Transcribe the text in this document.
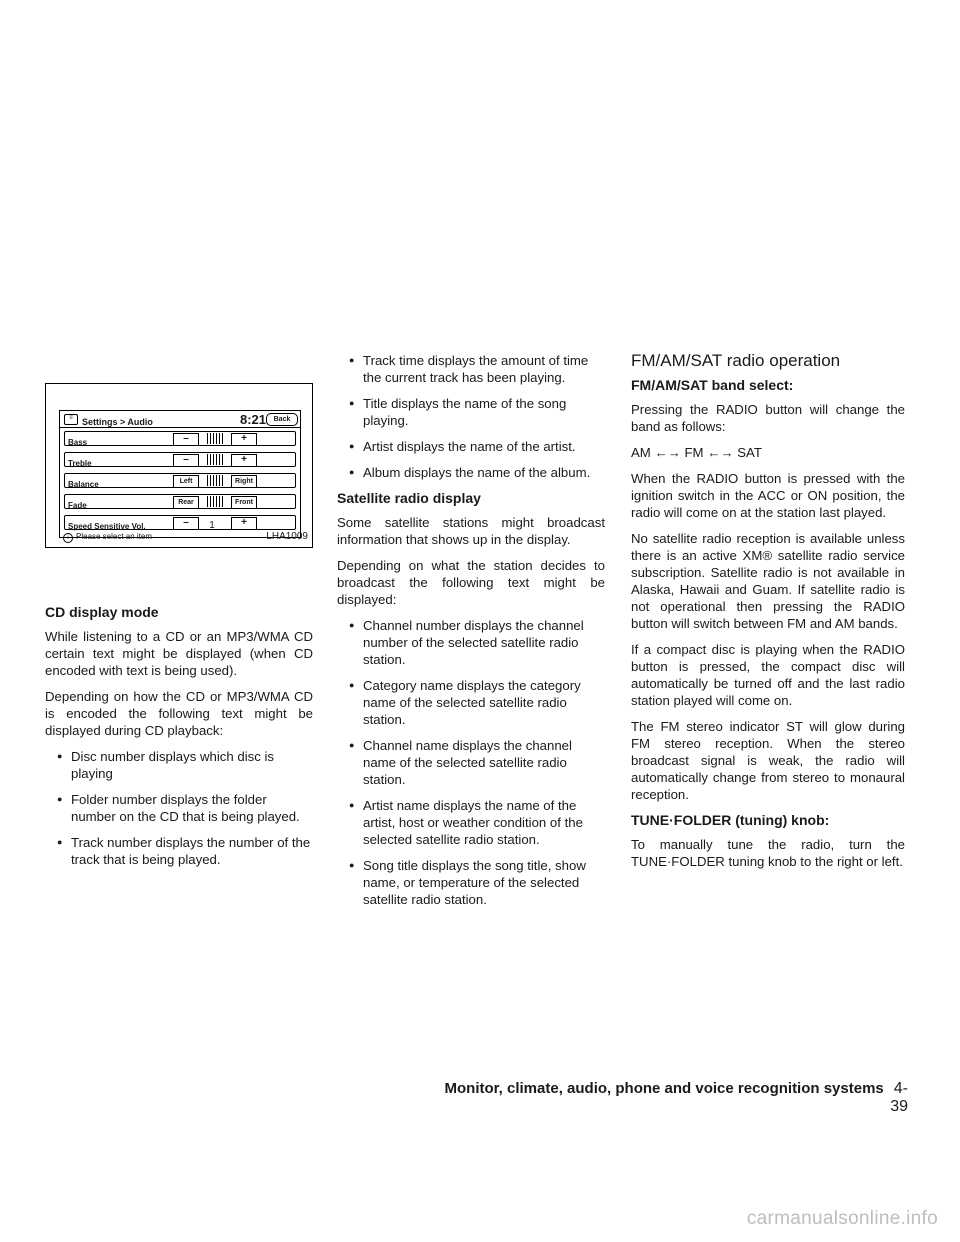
≡	Settings > Audio	8:21	Back
Bass	–	+
Treble	–	+
Balance	Left	Right
Fade	Rear	Front
Speed Sensitive Vol.	–	1	+
i Please select an item	LHA1009
CD display mode

While listening to a CD or an MP3/WMA CD certain text might be displayed (when CD encoded with text is being used).

Depending on how the CD or MP3/WMA CD is encoded the following text might be displayed during CD playback:

● Disc number displays which disc is playing
● Folder number displays the folder number on the CD that is being played.
● Track number displays the number of the track that is being played.
● Track time displays the amount of time the current track has been playing.
● Title displays the name of the song playing.
● Artist displays the name of the artist.
● Album displays the name of the album.
Satellite radio display

Some satellite stations might broadcast information that shows up in the display.

Depending on what the station decides to broadcast the following text might be displayed:

● Channel number displays the channel number of the selected satellite radio station.
● Category name displays the category name of the selected satellite radio station.
● Channel name displays the channel name of the selected satellite radio station.
● Artist name displays the name of the artist, host or weather condition of the selected satellite radio station.
● Song title displays the song title, show name, or temperature of the selected satellite radio station.
FM/AM/SAT radio operation
FM/AM/SAT band select:

Pressing the RADIO button will change the band as follows:

AM ←→ FM ←→ SAT

When the RADIO button is pressed with the ignition switch in the ACC or ON position, the radio will come on at the station last played.

No satellite radio reception is available unless there is an active XM® satellite radio service subscription. Satellite radio is not available in Alaska, Hawaii and Guam. If satellite radio is not operational then pressing the RADIO button will switch between FM and AM bands.

If a compact disc is playing when the RADIO button is pressed, the compact disc will automatically be turned off and the last radio station played will come on.

The FM stereo indicator ST will glow during FM stereo reception. When the stereo broadcast signal is weak, the radio will automatically change from stereo to monaural reception.

TUNE·FOLDER (tuning) knob:

To manually tune the radio, turn the TUNE·FOLDER tuning knob to the right or left.

Monitor, climate, audio, phone and voice recognition systems 4-39
carmanualsonline.info
